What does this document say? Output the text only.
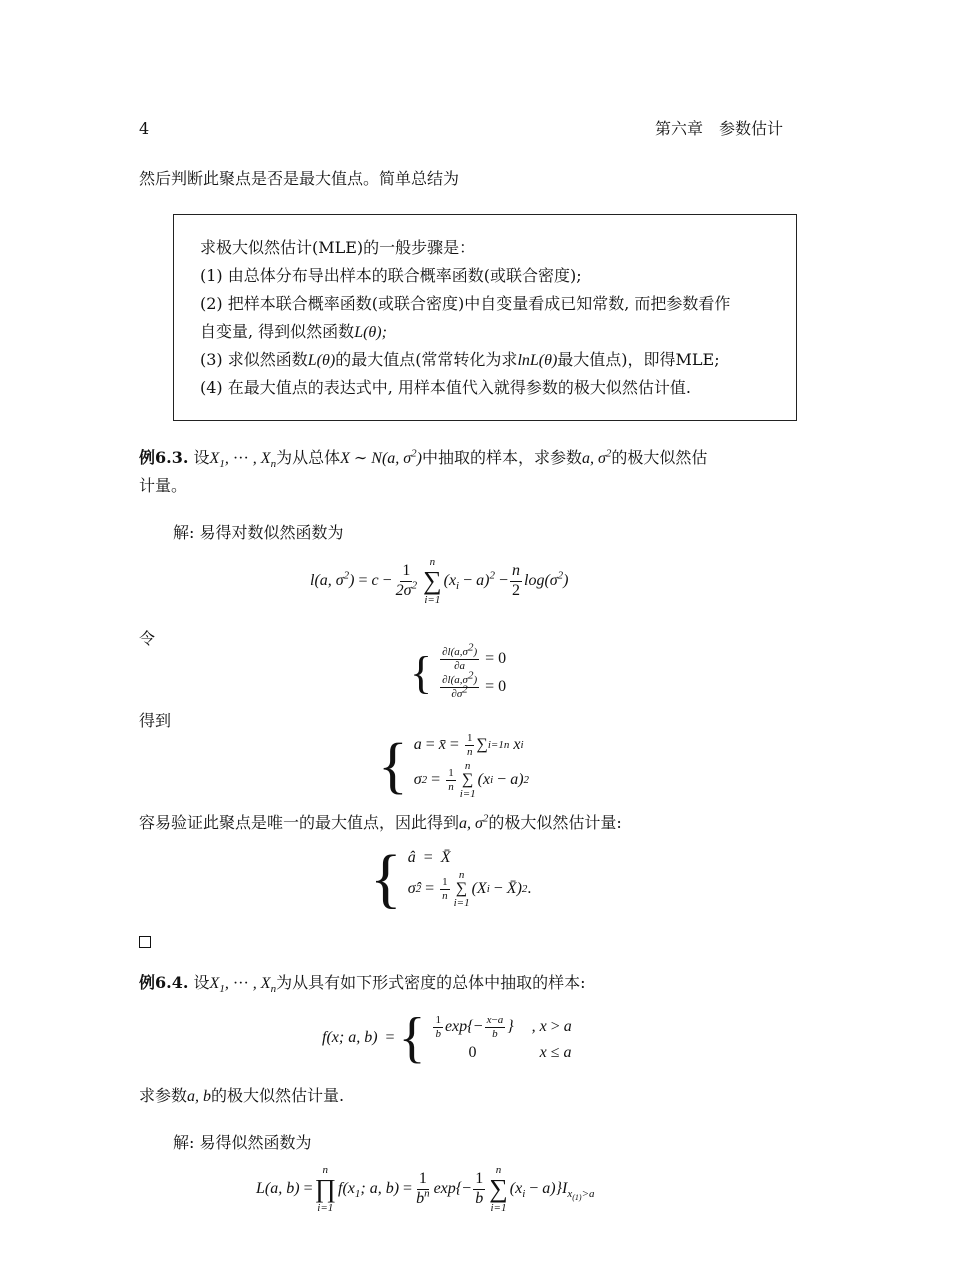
4	第六章　参数估计
然后判断此聚点是否是最大值点。简单总结为
求极大似然估计(MLE)的一般步骤是：
(1) 由总体分布导出样本的联合概率函数(或联合密度);
(2) 把样本联合概率函数(或联合密度)中自变量看成已知常数, 而把参数看作
自变量, 得到似然函数L(θ);
(3) 求似然函数L(θ)的最大值点(常常转化为求lnL(θ)最大值点)，即得MLE;
(4) 在最大值点的表达式中, 用样本值代入就得参数的极大似然估计值.
例6.3. 设$X_1$, ··· , $X_n$为从总体X ∼ N(a, $\sigma^2$)中抽取的样本，求参数a, $\sigma^2$的极大似然估
计量。
解: 易得对数似然函数为
l(a, $\sigma^2) = c - \frac{1}{2\sigma^2}$
n
∑
i=1
$(x_i - a)^2 - \frac{n}{2} \log(\sigma^2)$
令
{ $\frac{\partial l(a,\sigma^2)}{\partial a} = 0$
$\frac{\partial l(a,\sigma^2)}{\partial\sigma^2} = 0$
得到
{ a = x̄ = $\frac{1}{n}$ ∑ i=1 n x i
σ $2 = \frac{1}{n}$
n
∑
i=1
(x i − a) 2
容易验证此聚点是唯一的最大值点，因此得到a, $\sigma^2$的极大似然估计量:
{ â  =  X̄
σ̂ $2 = \frac{1}{n}$
n
∑
i=1
(X i − X̄) 2 .
例6.4. 设$X_1$, ··· , $X_n$为从具有如下形式密度的总体中抽取的样本:
f(x; a, b)  = { $\frac{1}{b} \exp\{ - \frac{x-a}{b}$ } , x > a
0	x ≤ a
求参数a, b的极大似然估计量.
解: 易得似然函数为
L(a, b) =
n
∏
i=1
$f(x_1$; a, $b) = \frac{1}{b^n} \exp\{- \frac{1}{b}$
n
∑
i=1
$(x_i - a)\}I_{x_{(1)}>a}$
